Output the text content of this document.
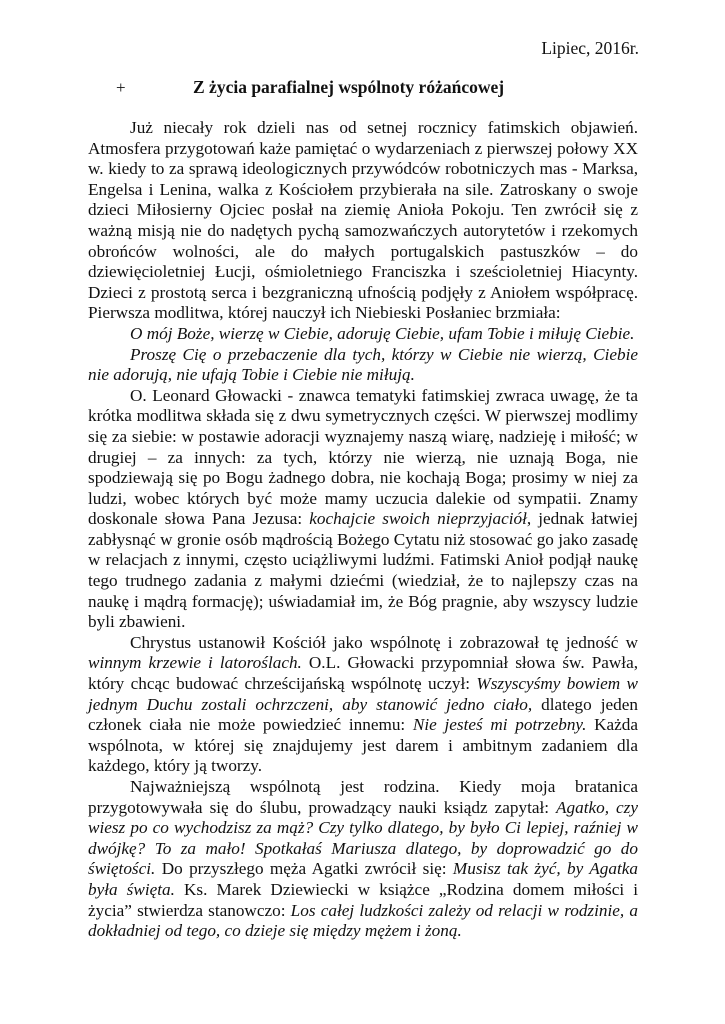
Lipiec, 2016r.
+	Z życia parafialnej wspólnoty różańcowej

Już niecały rok dzieli nas od setnej rocznicy fatimskich objawień. Atmosfera przygotowań każe pamiętać o wydarzeniach z pierwszej połowy XX w. kiedy to za sprawą ideologicznych przywódców robotniczych mas - Marksa, Engelsa i Lenina, walka z Kościołem przybierała na sile. Zatroskany o swoje dzieci Miłosierny Ojciec posłał na ziemię Anioła Pokoju. Ten zwrócił się z ważną misją nie do nadętych pychą samozwańczych autorytetów i rzekomych obrońców wolności, ale do małych portugalskich pastuszków – do dziewięcioletniej Łucji, ośmioletniego Franciszka i sześcioletniej Hiacynty. Dzieci z prostotą serca i bezgraniczną ufnością podjęły z Aniołem współpracę. Pierwsza modlitwa, której nauczył ich Niebieski Posłaniec brzmiała:

O mój Boże, wierzę w Ciebie, adoruję Ciebie, ufam Tobie i miłuję Ciebie.

Proszę Cię o przebaczenie dla tych, którzy w Ciebie nie wierzą, Ciebie nie adorują, nie ufają Tobie i Ciebie nie miłują.

O. Leonard Głowacki - znawca tematyki fatimskiej zwraca uwagę, że ta krótka modlitwa składa się z dwu symetrycznych części. W pierwszej modlimy się za siebie: w postawie adoracji wyznajemy naszą wiarę, nadzieję i miłość; w drugiej – za innych: za tych, którzy nie wierzą, nie uznają Boga, nie spodziewają się po Bogu żadnego dobra, nie kochają Boga; prosimy w niej za ludzi, wobec których być może mamy uczucia dalekie od sympatii. Znamy doskonale słowa Pana Jezusa: kochajcie swoich nieprzyjaciół, jednak łatwiej zabłysnąć w gronie osób mądrością Bożego Cytatu niż stosować go jako zasadę w relacjach z innymi, często uciążliwymi ludźmi. Fatimski Anioł podjął naukę tego trudnego zadania z małymi dziećmi (wiedział, że to najlepszy czas na naukę i mądrą formację); uświadamiał im, że Bóg pragnie, aby wszyscy ludzie byli zbawieni.

Chrystus ustanowił Kościół jako wspólnotę i zobrazował tę jedność w winnym krzewie i latoroślach. O.L. Głowacki przypomniał słowa św. Pawła, który chcąc budować chrześcijańską wspólnotę uczył: Wszyscyśmy bowiem w jednym Duchu zostali ochrzczeni, aby stanowić jedno ciało, dlatego jeden członek ciała nie może powiedzieć innemu: Nie jesteś mi potrzebny. Każda wspólnota, w której się znajdujemy jest darem i ambitnym zadaniem dla każdego, który ją tworzy.

Najważniejszą wspólnotą jest rodzina. Kiedy moja bratanica przygotowywała się do ślubu, prowadzący nauki ksiądz zapytał: Agatko, czy wiesz po co wychodzisz za mąż? Czy tylko dlatego, by było Ci lepiej, raźniej w dwójkę? To za mało! Spotkałaś Mariusza dlatego, by doprowadzić go do świętości. Do przyszłego męża Agatki zwrócił się: Musisz tak żyć, by Agatka była święta. Ks. Marek Dziewiecki w książce „Rodzina domem miłości i życia” stwierdza stanowczo: Los całej ludzkości zależy od relacji w rodzinie, a dokładniej od tego, co dzieje się między mężem i żoną.
